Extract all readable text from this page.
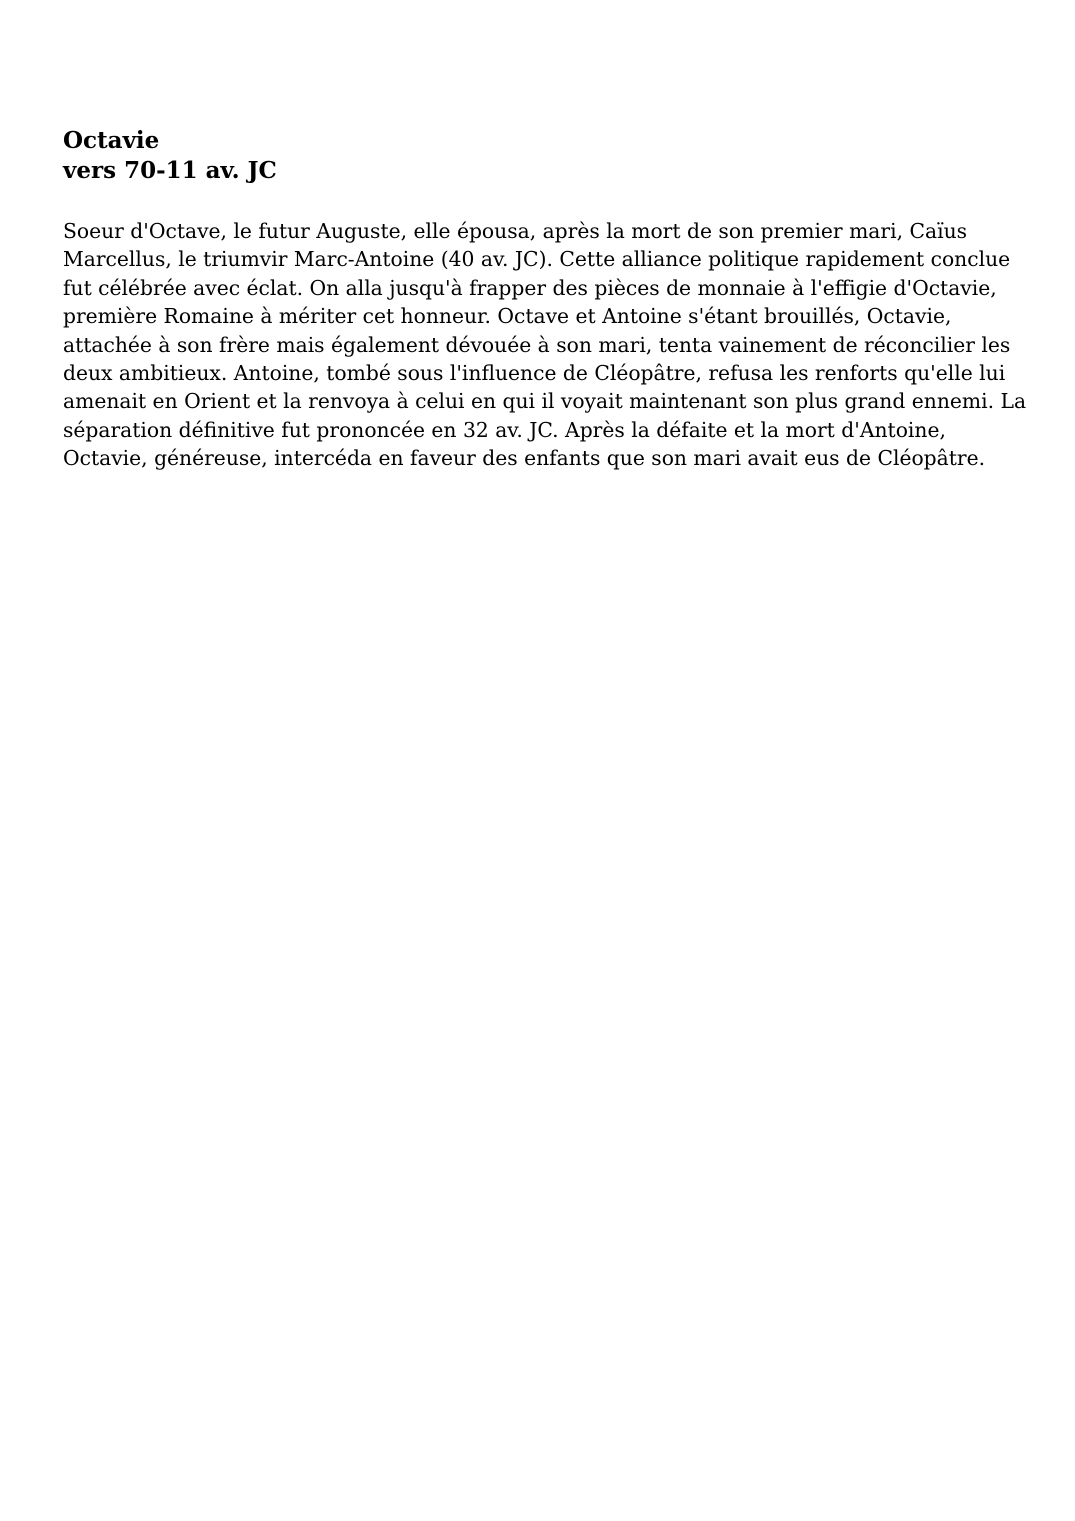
Octavie
vers 70-11 av. JC

Soeur d'Octave, le futur Auguste, elle épousa, après la mort de son premier mari, Caïus
Marcellus, le triumvir Marc-Antoine (40 av. JC). Cette alliance politique rapidement conclue
fut célébrée avec éclat. On alla jusqu'à frapper des pièces de monnaie à l'effigie d'Octavie,
première Romaine à mériter cet honneur. Octave et Antoine s'étant brouillés, Octavie,
attachée à son frère mais également dévouée à son mari, tenta vainement de réconcilier les
deux ambitieux. Antoine, tombé sous l'influence de Cléopâtre, refusa les renforts qu'elle lui
amenait en Orient et la renvoya à celui en qui il voyait maintenant son plus grand ennemi. La
séparation définitive fut prononcée en 32 av. JC. Après la défaite et la mort d'Antoine,
Octavie, généreuse, intercéda en faveur des enfants que son mari avait eus de Cléopâtre.
